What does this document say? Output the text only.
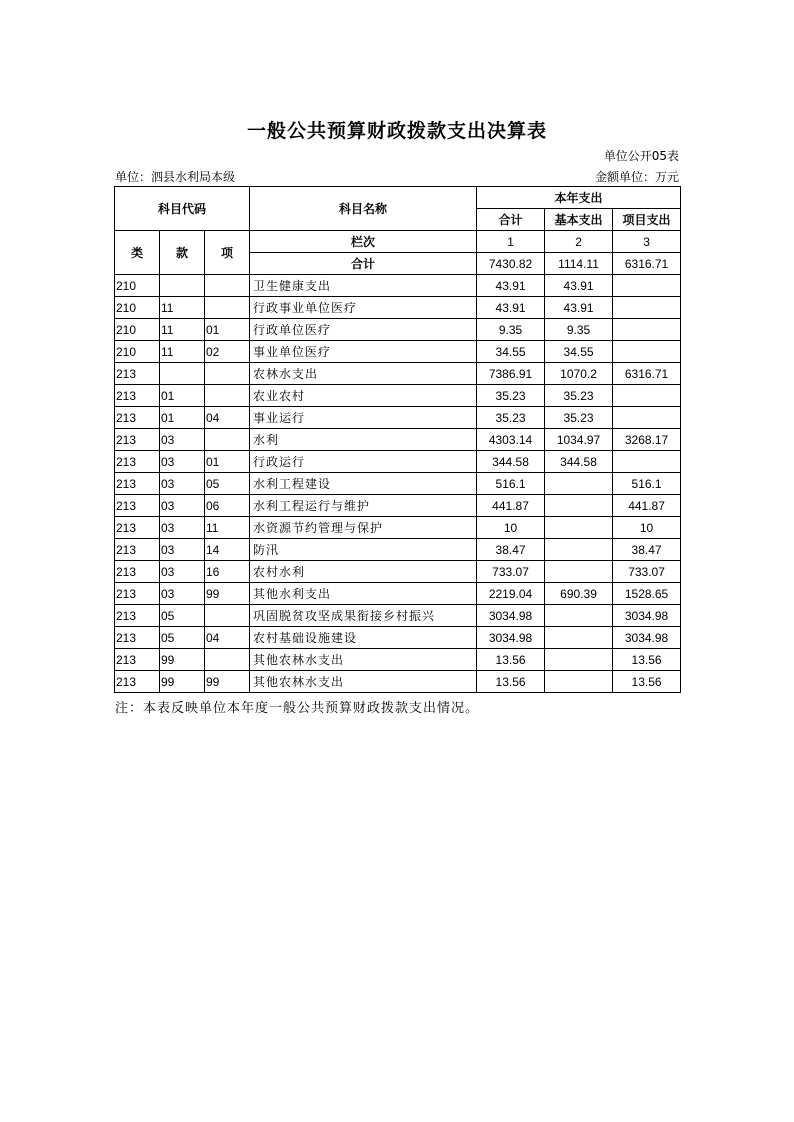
一般公共预算财政拨款支出决算表
单位公开05表
单位：泗县水利局本级	金额单位：万元
科目代码			科目名称	本年支出		
				合计	基本支出	项目支出
类	款	项	栏次	1	2	3
			合计	7430.82	1114.11	6316.71
210			卫生健康支出	43.91	43.91	
210	11		行政事业单位医疗	43.91	43.91	
210	11	01	行政单位医疗	9.35	9.35	
210	11	02	事业单位医疗	34.55	34.55	
213			农林水支出	7386.91	1070.2	6316.71
213	01		农业农村	35.23	35.23	
213	01	04	事业运行	35.23	35.23	
213	03		水利	4303.14	1034.97	3268.17
213	03	01	行政运行	344.58	344.58	
213	03	05	水利工程建设	516.1		516.1
213	03	06	水利工程运行与维护	441.87		441.87
213	03	11	水资源节约管理与保护	10		10
213	03	14	防汛	38.47		38.47
213	03	16	农村水利	733.07		733.07
213	03	99	其他水利支出	2219.04	690.39	1528.65
213	05		巩固脱贫攻坚成果衔接乡村振兴	3034.98		3034.98
213	05	04	农村基础设施建设	3034.98		3034.98
213	99		其他农林水支出	13.56		13.56
213	99	99	其他农林水支出	13.56		13.56
注：本表反映单位本年度一般公共预算财政拨款支出情况。
